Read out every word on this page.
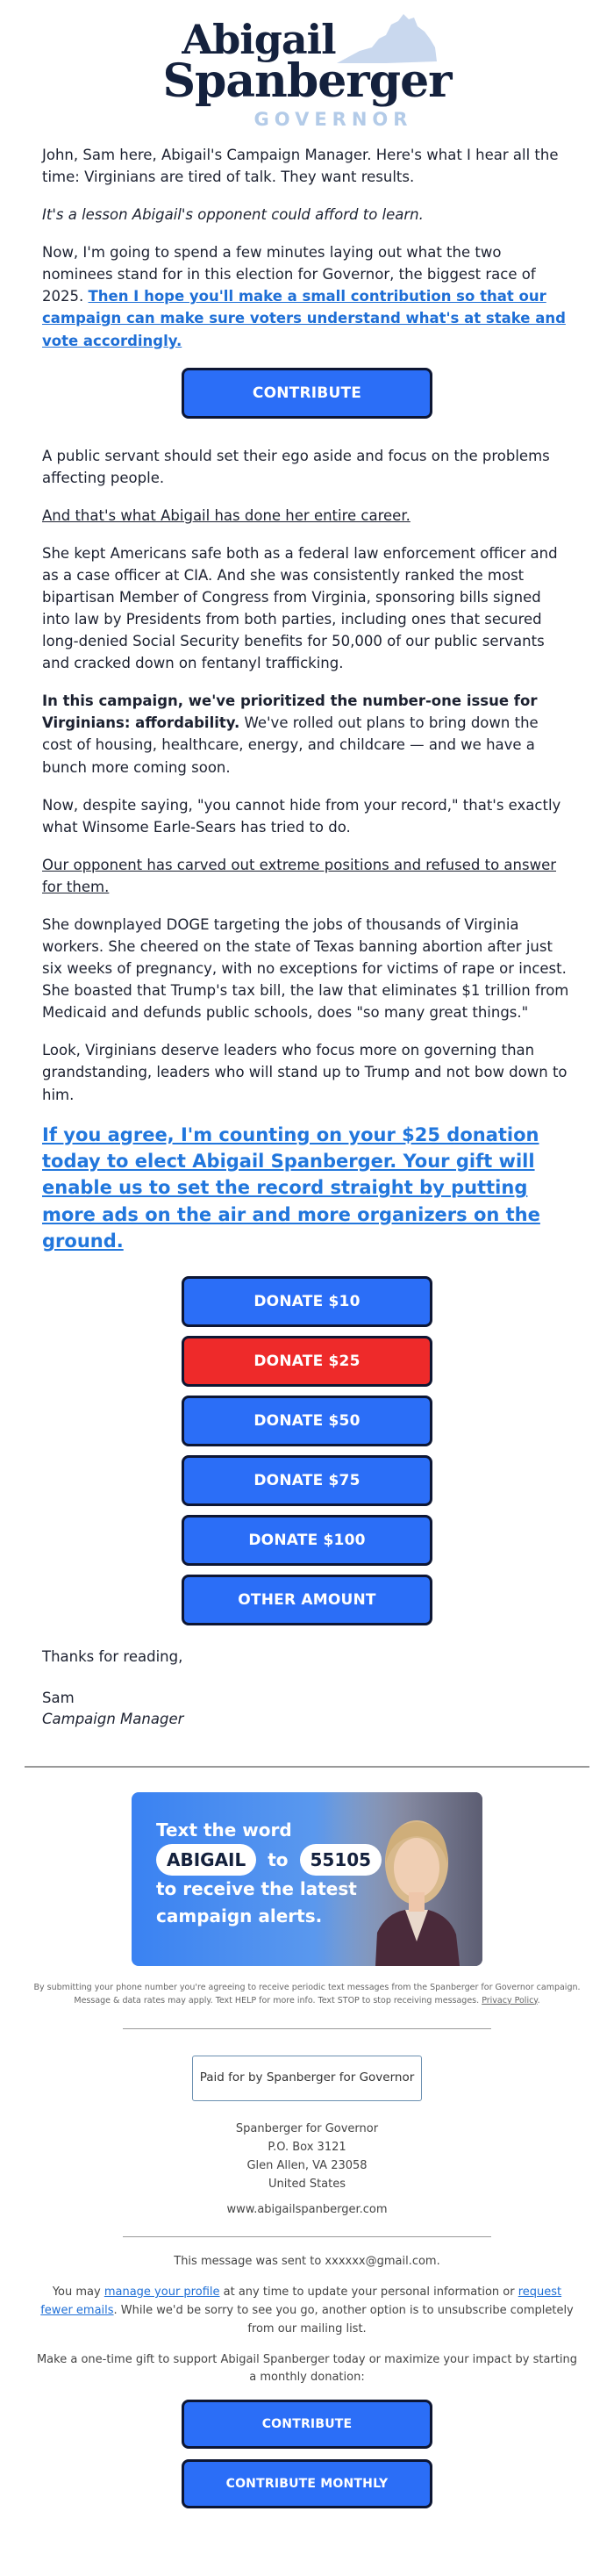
Abigail
Spanberger
GOVERNOR

John, Sam here, Abigail's Campaign Manager. Here's what I hear all the time: Virginians are tired of talk. They want results.

It's a lesson Abigail's opponent could afford to learn.

Now, I'm going to spend a few minutes laying out what the two nominees stand for in this election for Governor, the biggest race of 2025. Then I hope you'll make a small contribution so that our campaign can make sure voters understand what's at stake and vote accordingly.

CONTRIBUTE

A public servant should set their ego aside and focus on the problems affecting people.

And that's what Abigail has done her entire career.

She kept Americans safe both as a federal law enforcement officer and as a case officer at CIA. And she was consistently ranked the most bipartisan Member of Congress from Virginia, sponsoring bills signed into law by Presidents from both parties, including ones that secured long-denied Social Security benefits for 50,000 of our public servants and cracked down on fentanyl trafficking.

In this campaign, we've prioritized the number-one issue for Virginians: affordability. We've rolled out plans to bring down the cost of housing, healthcare, energy, and childcare — and we have a bunch more coming soon.

Now, despite saying, "you cannot hide from your record," that's exactly what Winsome Earle-Sears has tried to do.

Our opponent has carved out extreme positions and refused to answer for them.

She downplayed DOGE targeting the jobs of thousands of Virginia workers. She cheered on the state of Texas banning abortion after just six weeks of pregnancy, with no exceptions for victims of rape or incest. She boasted that Trump's tax bill, the law that eliminates $1 trillion from Medicaid and defunds public schools, does "so many great things."

Look, Virginians deserve leaders who focus more on governing than grandstanding, leaders who will stand up to Trump and not bow down to him.

If you agree, I'm counting on your $25 donation today to elect Abigail Spanberger. Your gift will enable us to set the record straight by putting more ads on the air and more organizers on the ground.

DONATE $10
DONATE $25
DONATE $50
DONATE $75
DONATE $100
OTHER AMOUNT

Thanks for reading,

Sam

Campaign Manager

Text the word
ABIGAIL to 55105
to receive the latest
campaign alerts.

By submitting your phone number you're agreeing to receive periodic text messages from the Spanberger for Governor campaign. Message & data rates may apply. Text HELP for more info. Text STOP to stop receiving messages. Privacy Policy.

Paid for by Spanberger for Governor
Spanberger for Governor
P.O. Box 3121
Glen Allen, VA 23058
United States
www.abigailspanberger.com

This message was sent to xxxxxx@gmail.com.

You may manage your profile at any time to update your personal information or request fewer emails. While we'd be sorry to see you go, another option is to unsubscribe completely from our mailing list.

Make a one-time gift to support Abigail Spanberger today or maximize your impact by starting a monthly donation:

CONTRIBUTE
CONTRIBUTE MONTHLY
